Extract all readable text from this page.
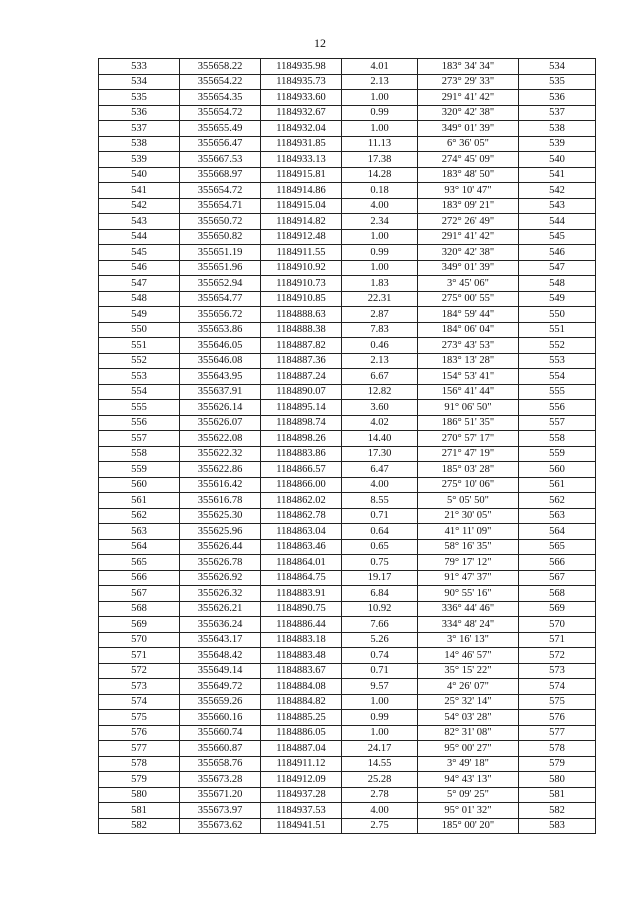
12
533	355658.22	1184935.98	4.01	183° 34' 34"	534
534	355654.22	1184935.73	2.13	273° 29' 33"	535
535	355654.35	1184933.60	1.00	291° 41' 42"	536
536	355654.72	1184932.67	0.99	320° 42' 38"	537
537	355655.49	1184932.04	1.00	349° 01' 39"	538
538	355656.47	1184931.85	11.13	6° 36' 05"	539
539	355667.53	1184933.13	17.38	274° 45' 09"	540
540	355668.97	1184915.81	14.28	183° 48' 50"	541
541	355654.72	1184914.86	0.18	93° 10' 47"	542
542	355654.71	1184915.04	4.00	183° 09' 21"	543
543	355650.72	1184914.82	2.34	272° 26' 49"	544
544	355650.82	1184912.48	1.00	291° 41' 42"	545
545	355651.19	1184911.55	0.99	320° 42' 38"	546
546	355651.96	1184910.92	1.00	349° 01' 39"	547
547	355652.94	1184910.73	1.83	3° 45' 06"	548
548	355654.77	1184910.85	22.31	275° 00' 55"	549
549	355656.72	1184888.63	2.87	184° 59' 44"	550
550	355653.86	1184888.38	7.83	184° 06' 04"	551
551	355646.05	1184887.82	0.46	273° 43' 53"	552
552	355646.08	1184887.36	2.13	183° 13' 28"	553
553	355643.95	1184887.24	6.67	154° 53' 41"	554
554	355637.91	1184890.07	12.82	156° 41' 44"	555
555	355626.14	1184895.14	3.60	91° 06' 50"	556
556	355626.07	1184898.74	4.02	186° 51' 35"	557
557	355622.08	1184898.26	14.40	270° 57' 17"	558
558	355622.32	1184883.86	17.30	271° 47' 19"	559
559	355622.86	1184866.57	6.47	185° 03' 28"	560
560	355616.42	1184866.00	4.00	275° 10' 06"	561
561	355616.78	1184862.02	8.55	5° 05' 50"	562
562	355625.30	1184862.78	0.71	21° 30' 05"	563
563	355625.96	1184863.04	0.64	41° 11' 09"	564
564	355626.44	1184863.46	0.65	58° 16' 35"	565
565	355626.78	1184864.01	0.75	79° 17' 12"	566
566	355626.92	1184864.75	19.17	91° 47' 37"	567
567	355626.32	1184883.91	6.84	90° 55' 16"	568
568	355626.21	1184890.75	10.92	336° 44' 46"	569
569	355636.24	1184886.44	7.66	334° 48' 24"	570
570	355643.17	1184883.18	5.26	3° 16' 13"	571
571	355648.42	1184883.48	0.74	14° 46' 57"	572
572	355649.14	1184883.67	0.71	35° 15' 22"	573
573	355649.72	1184884.08	9.57	4° 26' 07"	574
574	355659.26	1184884.82	1.00	25° 32' 14"	575
575	355660.16	1184885.25	0.99	54° 03' 28"	576
576	355660.74	1184886.05	1.00	82° 31' 08"	577
577	355660.87	1184887.04	24.17	95° 00' 27"	578
578	355658.76	1184911.12	14.55	3° 49' 18"	579
579	355673.28	1184912.09	25.28	94° 43' 13"	580
580	355671.20	1184937.28	2.78	5° 09' 25"	581
581	355673.97	1184937.53	4.00	95° 01' 32"	582
582	355673.62	1184941.51	2.75	185° 00' 20"	583
